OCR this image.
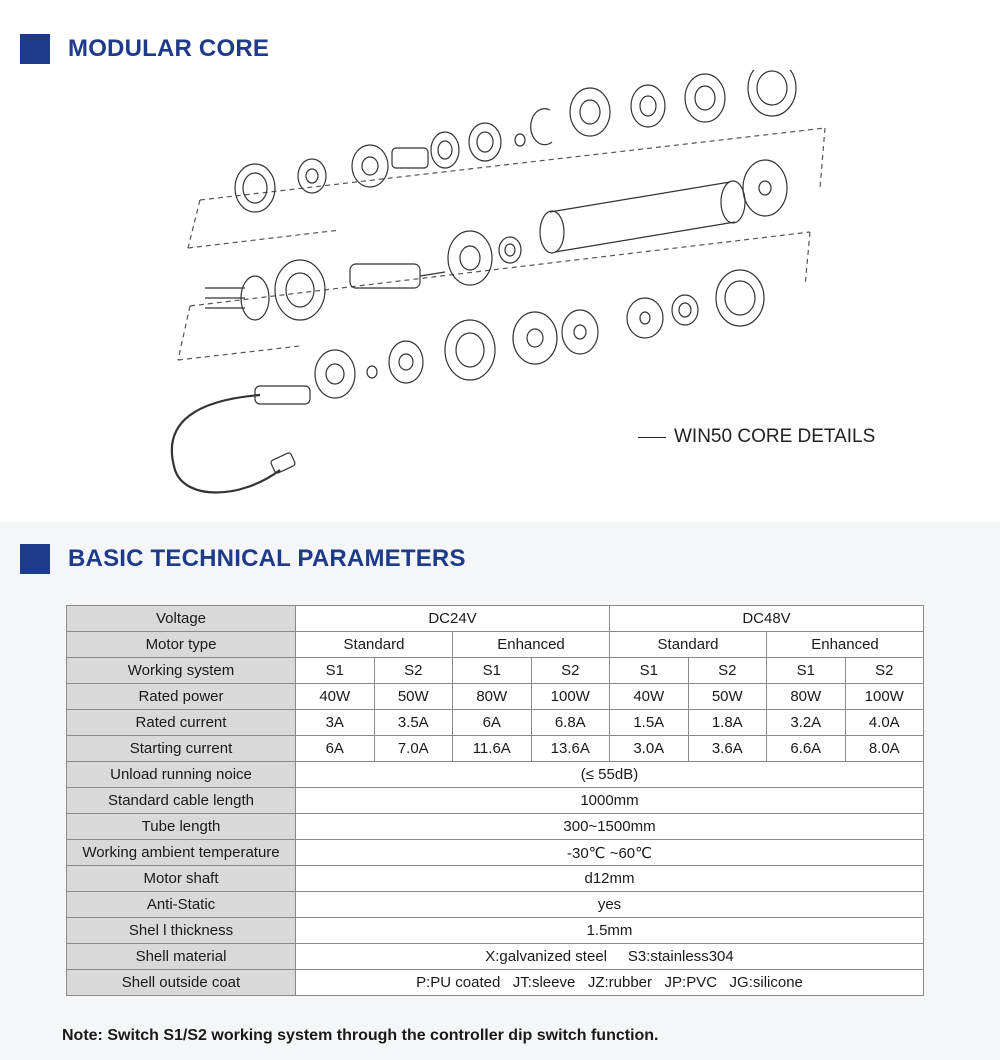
MODULAR CORE
WIN50 CORE DETAILS
BASIC TECHNICAL PARAMETERS
Voltage	DC24V				DC48V			
Motor type	Standard		Enhanced		Standard		Enhanced	
Working system	S1	S2	S1	S2	S1	S2	S1	S2
Rated power	40W	50W	80W	100W	40W	50W	80W	100W
Rated current	3A	3.5A	6A	6.8A	1.5A	1.8A	3.2A	4.0A
Starting current	6A	7.0A	11.6A	13.6A	3.0A	3.6A	6.6A	8.0A
Unload running noice	(≤ 55dB)							
Standard cable length	1000mm							
Tube length	300~1500mm							
Working ambient temperature	-30℃ ~60℃							
Motor shaft	d12mm							
Anti-Static	yes							
Shel l thickness	1.5mm							
Shell material	X:galvanized steel     S3:stainless304							
Shell outside coat	P:PU coated   JT:sleeve   JZ:rubber   JP:PVC   JG:silicone							
Note: Switch S1/S2 working system through the controller dip switch function.
